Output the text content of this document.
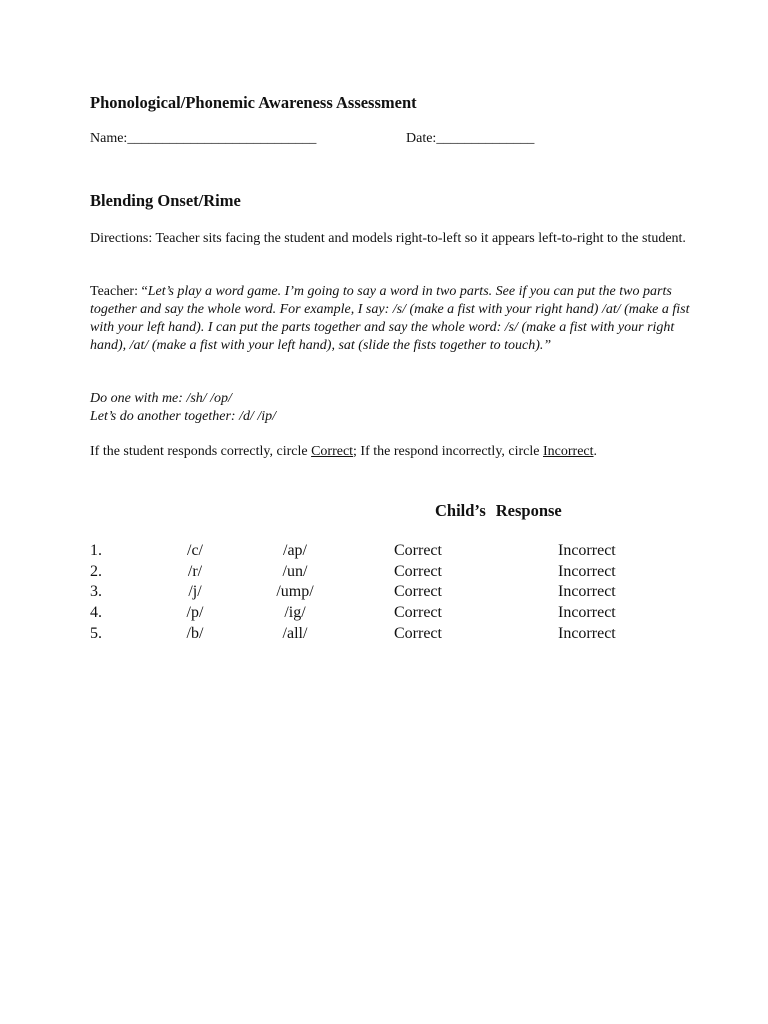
Phonological/Phonemic Awareness Assessment
Name:___________________________	Date:______________
Blending Onset/Rime
Directions: Teacher sits facing the student and models right-to-left so it appears left-to-right to the student.
Teacher: “Let’s play a word game. I’m going to say a word in two parts. See if you can put the two parts together and say the whole word. For example, I say: /s/ (make a fist with your right hand) /at/ (make a fist with your left hand). I can put the parts together and say the whole word: /s/ (make a fist with your right hand), /at/ (make a fist with your left hand), sat (slide the fists together to touch).”
Do one with me: /sh/ /op/
Let’s do another together: /d/ /ip/
If the student responds correctly, circle Correct; If the respond incorrectly, circle Incorrect.
Child’s Response
1.	/c/	/ap/	Correct	Incorrect
2.	/r/	/un/	Correct	Incorrect
3.	/j/	/ump/	Correct	Incorrect
4.	/p/	/ig/	Correct	Incorrect
5.	/b/	/all/	Correct	Incorrect
